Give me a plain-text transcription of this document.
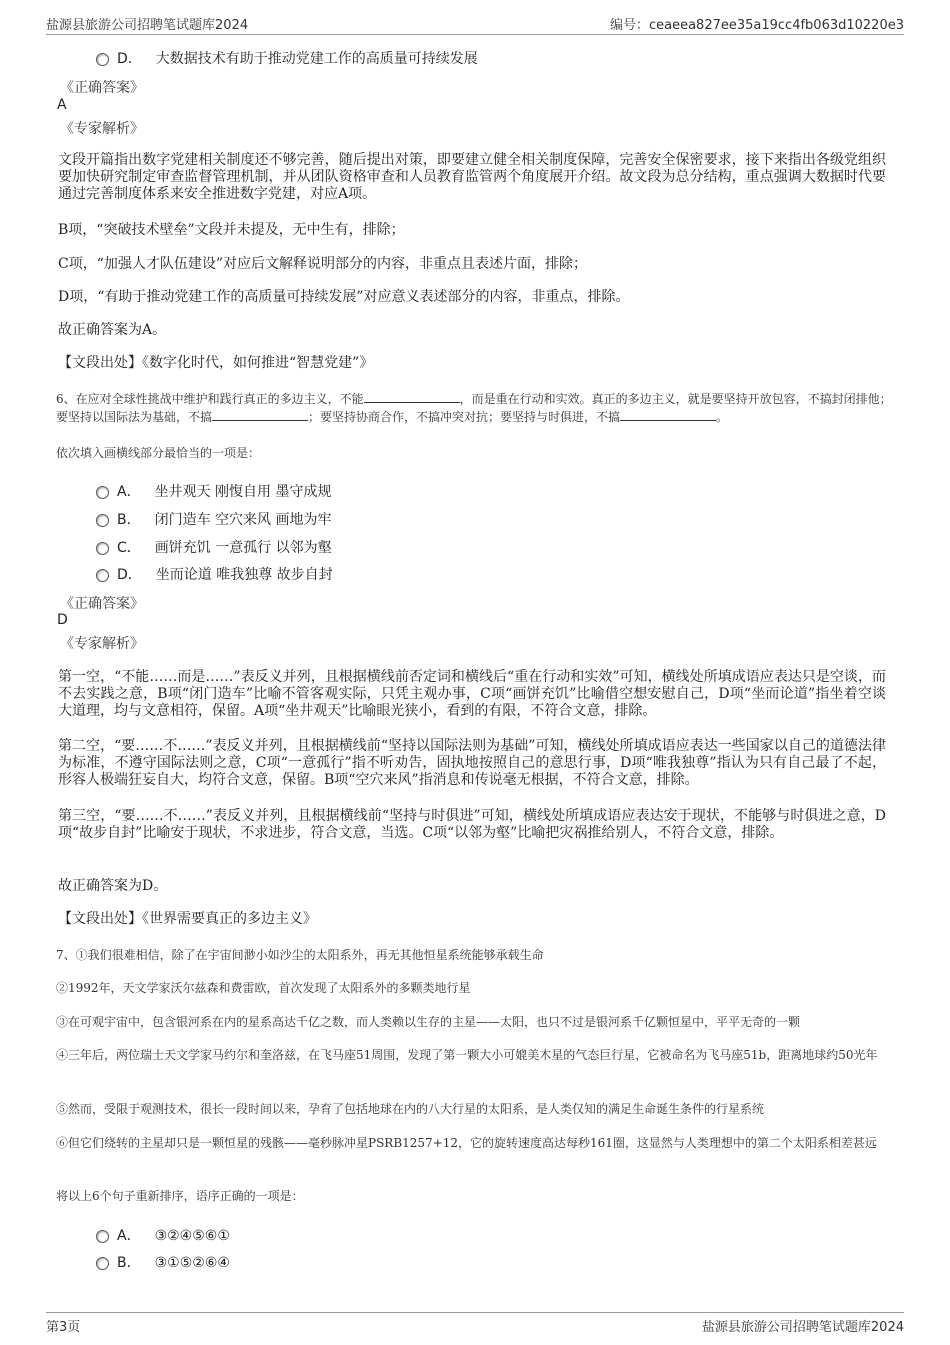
盐源县旅游公司招聘笔试题库2024	编号：ceaeea827ee35a19cc4fb063d10220e3
D． 大数据技术有助于推动党建工作的高质量可持续发展
《正确答案》
A
《专家解析》
文段开篇指出数字党建相关制度还不够完善，随后提出对策，即要建立健全相关制度保障，完善安全保密要求，接下来指出各级党组织要加快研究制定审查监督管理机制，并从团队资格审查和人员教育监管两个角度展开介绍。故文段为总分结构，重点强调大数据时代要通过完善制度体系来安全推进数字党建，对应A项。
B项，“突破技术壁垒”文段并未提及，无中生有，排除；
C项，“加强人才队伍建设”对应后文解释说明部分的内容，非重点且表述片面，排除；
D项，“有助于推动党建工作的高质量可持续发展”对应意义表述部分的内容，非重点，排除。
故正确答案为A。
【文段出处】《数字化时代，如何推进“智慧党建”》
6、在应对全球性挑战中维护和践行真正的多边主义，不能	，而是重在行动和实效。真正的多边主义，就是要坚持开放包容，不搞封闭排他；要坚持以国际法为基础，不搞	；要坚持协商合作，不搞冲突对抗；要坚持与时俱进，不搞	。
依次填入画横线部分最恰当的一项是：
A． 坐井观天 刚愎自用 墨守成规
B． 闭门造车 空穴来风 画地为牢
C． 画饼充饥 一意孤行 以邻为壑
D． 坐而论道 唯我独尊 故步自封
《正确答案》
D
《专家解析》
第一空，“不能……而是……”表反义并列，且根据横线前否定词和横线后“重在行动和实效”可知，横线处所填成语应表达只是空谈，而不去实践之意，B项“闭门造车”比喻不管客观实际，只凭主观办事，C项“画饼充饥”比喻借空想安慰自己，D项“坐而论道”指坐着空谈大道理，均与文意相符，保留。A项“坐井观天”比喻眼光狭小，看到的有限，不符合文意，排除。
第二空，“要……不……”表反义并列，且根据横线前“坚持以国际法则为基础”可知，横线处所填成语应表达一些国家以自己的道德法律为标准，不遵守国际法则之意，C项“一意孤行”指不听劝告，固执地按照自己的意思行事，D项“唯我独尊”指认为只有自己最了不起，形容人极端狂妄自大，均符合文意，保留。B项“空穴来风”指消息和传说毫无根据，不符合文意，排除。
第三空，“要……不……”表反义并列，且根据横线前“坚持与时俱进”可知，横线处所填成语应表达安于现状，不能够与时俱进之意，D项“故步自封”比喻安于现状，不求进步，符合文意，当选。C项“以邻为壑”比喻把灾祸推给别人，不符合文意，排除。
故正确答案为D。
【文段出处】《世界需要真正的多边主义》
7、①我们很难相信，除了在宇宙间渺小如沙尘的太阳系外，再无其他恒星系统能够承载生命
②1992年，天文学家沃尔兹森和费雷欧，首次发现了太阳系外的多颗类地行星
③在可观宇宙中，包含银河系在内的星系高达千亿之数，而人类赖以生存的主星——太阳，也只不过是银河系千亿颗恒星中，平平无奇的一颗
④三年后，两位瑞士天文学家马约尔和奎洛兹，在飞马座51周围，发现了第一颗大小可媲美木星的气态巨行星，它被命名为飞马座51b，距离地球约50光年
⑤然而，受限于观测技术，很长一段时间以来，孕育了包括地球在内的八大行星的太阳系，是人类仅知的满足生命诞生条件的行星系统
⑥但它们绕转的主星却只是一颗恒星的残骸——毫秒脉冲星PSRB1257+12，它的旋转速度高达每秒161圈，这显然与人类理想中的第二个太阳系相差甚远
将以上6个句子重新排序，语序正确的一项是：
A． ③②④⑤⑥①
B． ③①⑤②⑥④
第3页	盐源县旅游公司招聘笔试题库2024
